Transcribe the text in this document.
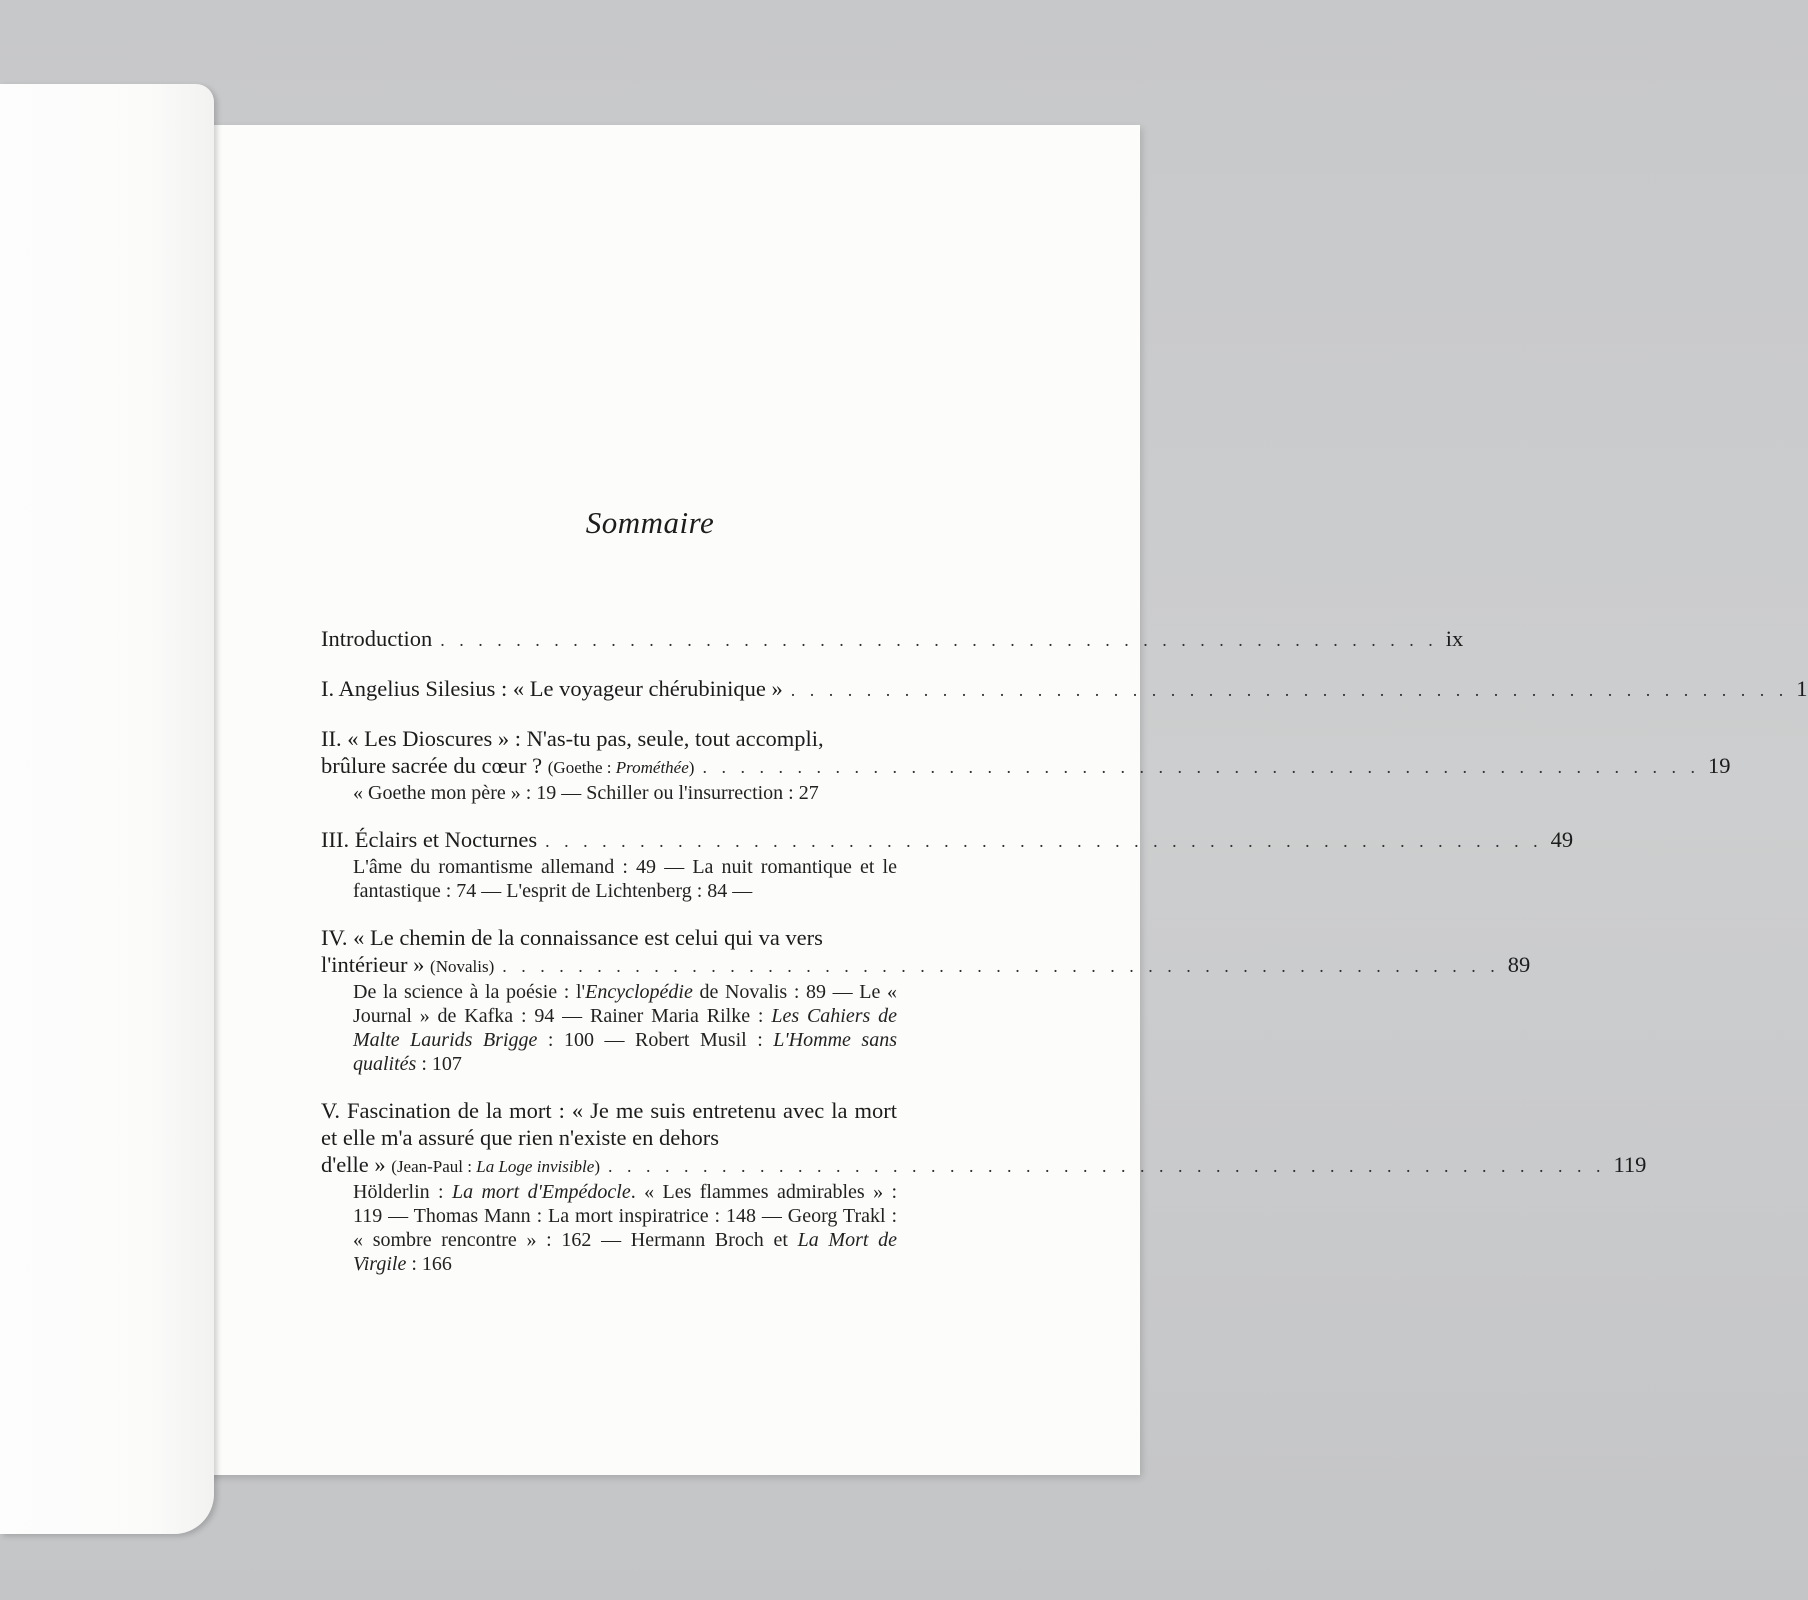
Sommaire
Introduction . . . . . . . . . . . . . . . . . . . . . . . . . . . . . . . . . . . . . . . . . . . . . . . . . . . . . ix
I. Angelius Silesius : « Le voyageur chérubinique » . . . . . . . . . . . . . . . . . . . . . . . . . . . . . . . . . . . . . . . . . . . . . . . . . . . . . 1
II. « Les Dioscures » : N'as-tu pas, seule, tout accompli,
brûlure sacrée du cœur ? (Goethe : Prométhée) . . . . . . . . . . . . . . . . . . . . . . . . . . . . . . . . . . . . . . . . . . . . . . . . . . . . . 19
« Goethe mon père » : 19 — Schiller ou l'insurrection : 27
III. Éclairs et Nocturnes . . . . . . . . . . . . . . . . . . . . . . . . . . . . . . . . . . . . . . . . . . . . . . . . . . . . . 49
L'âme du romantisme allemand : 49 — La nuit romantique et le fantastique : 74 — L'esprit de Lichtenberg : 84 —
IV. « Le chemin de la connaissance est celui qui va vers
l'intérieur » (Novalis) . . . . . . . . . . . . . . . . . . . . . . . . . . . . . . . . . . . . . . . . . . . . . . . . . . . . . 89
De la science à la poésie : l'Encyclopédie de Novalis : 89 — Le « Journal » de Kafka : 94 — Rainer Maria Rilke : Les Cahiers de Malte Laurids Brigge : 100 — Robert Musil : L'Homme sans qualités : 107
V. Fascination de la mort : « Je me suis entretenu avec la mort et elle m'a assuré que rien n'existe en dehors
d'elle » (Jean-Paul : La Loge invisible) . . . . . . . . . . . . . . . . . . . . . . . . . . . . . . . . . . . . . . . . . . . . . . . . . . . . . 119
Hölderlin : La mort d'Empédocle. « Les flammes admirables » : 119 — Thomas Mann : La mort inspiratrice : 148 — Georg Trakl : « sombre rencontre » : 162 — Hermann Broch et La Mort de Virgile : 166
